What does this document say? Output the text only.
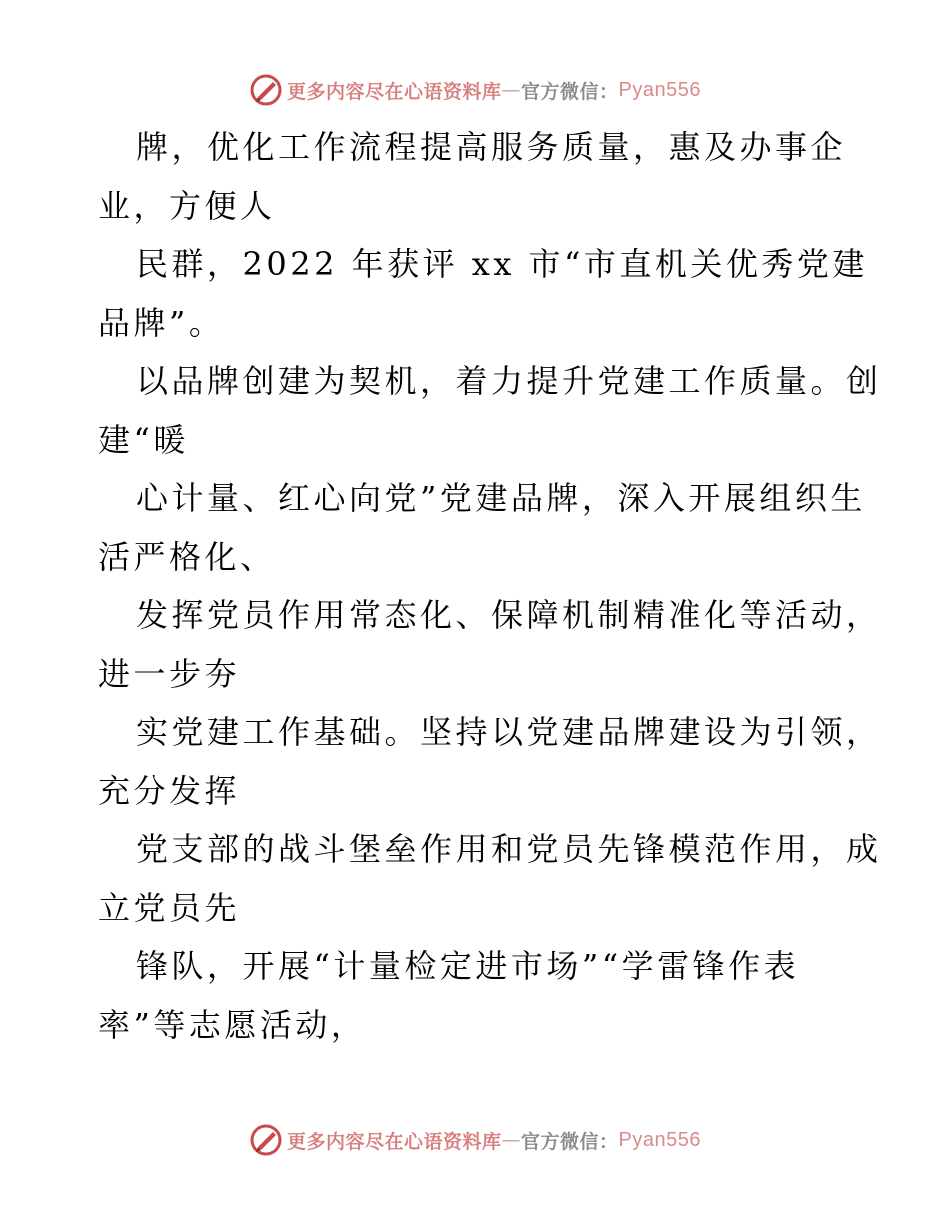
更多内容尽在心语资料库 — 官方微信： Pyan556

牌，优化工作流程提高服务质量，惠及办事企

业，方便人

民群，2022 年获评 xx 市“市直机关优秀党建

品牌”。

以品牌创建为契机，着力提升党建工作质量。创

建“暖

心计量、红心向党”党建品牌，深入开展组织生

活严格化、

发挥党员作用常态化、保障机制精准化等活动，

进一步夯

实党建工作基础。坚持以党建品牌建设为引领，

充分发挥

党支部的战斗堡垒作用和党员先锋模范作用，成

立党员先

锋队，开展“计量检定进市场”“学雷锋作表

率”等志愿活动，

更多内容尽在心语资料库 — 官方微信： Pyan556
